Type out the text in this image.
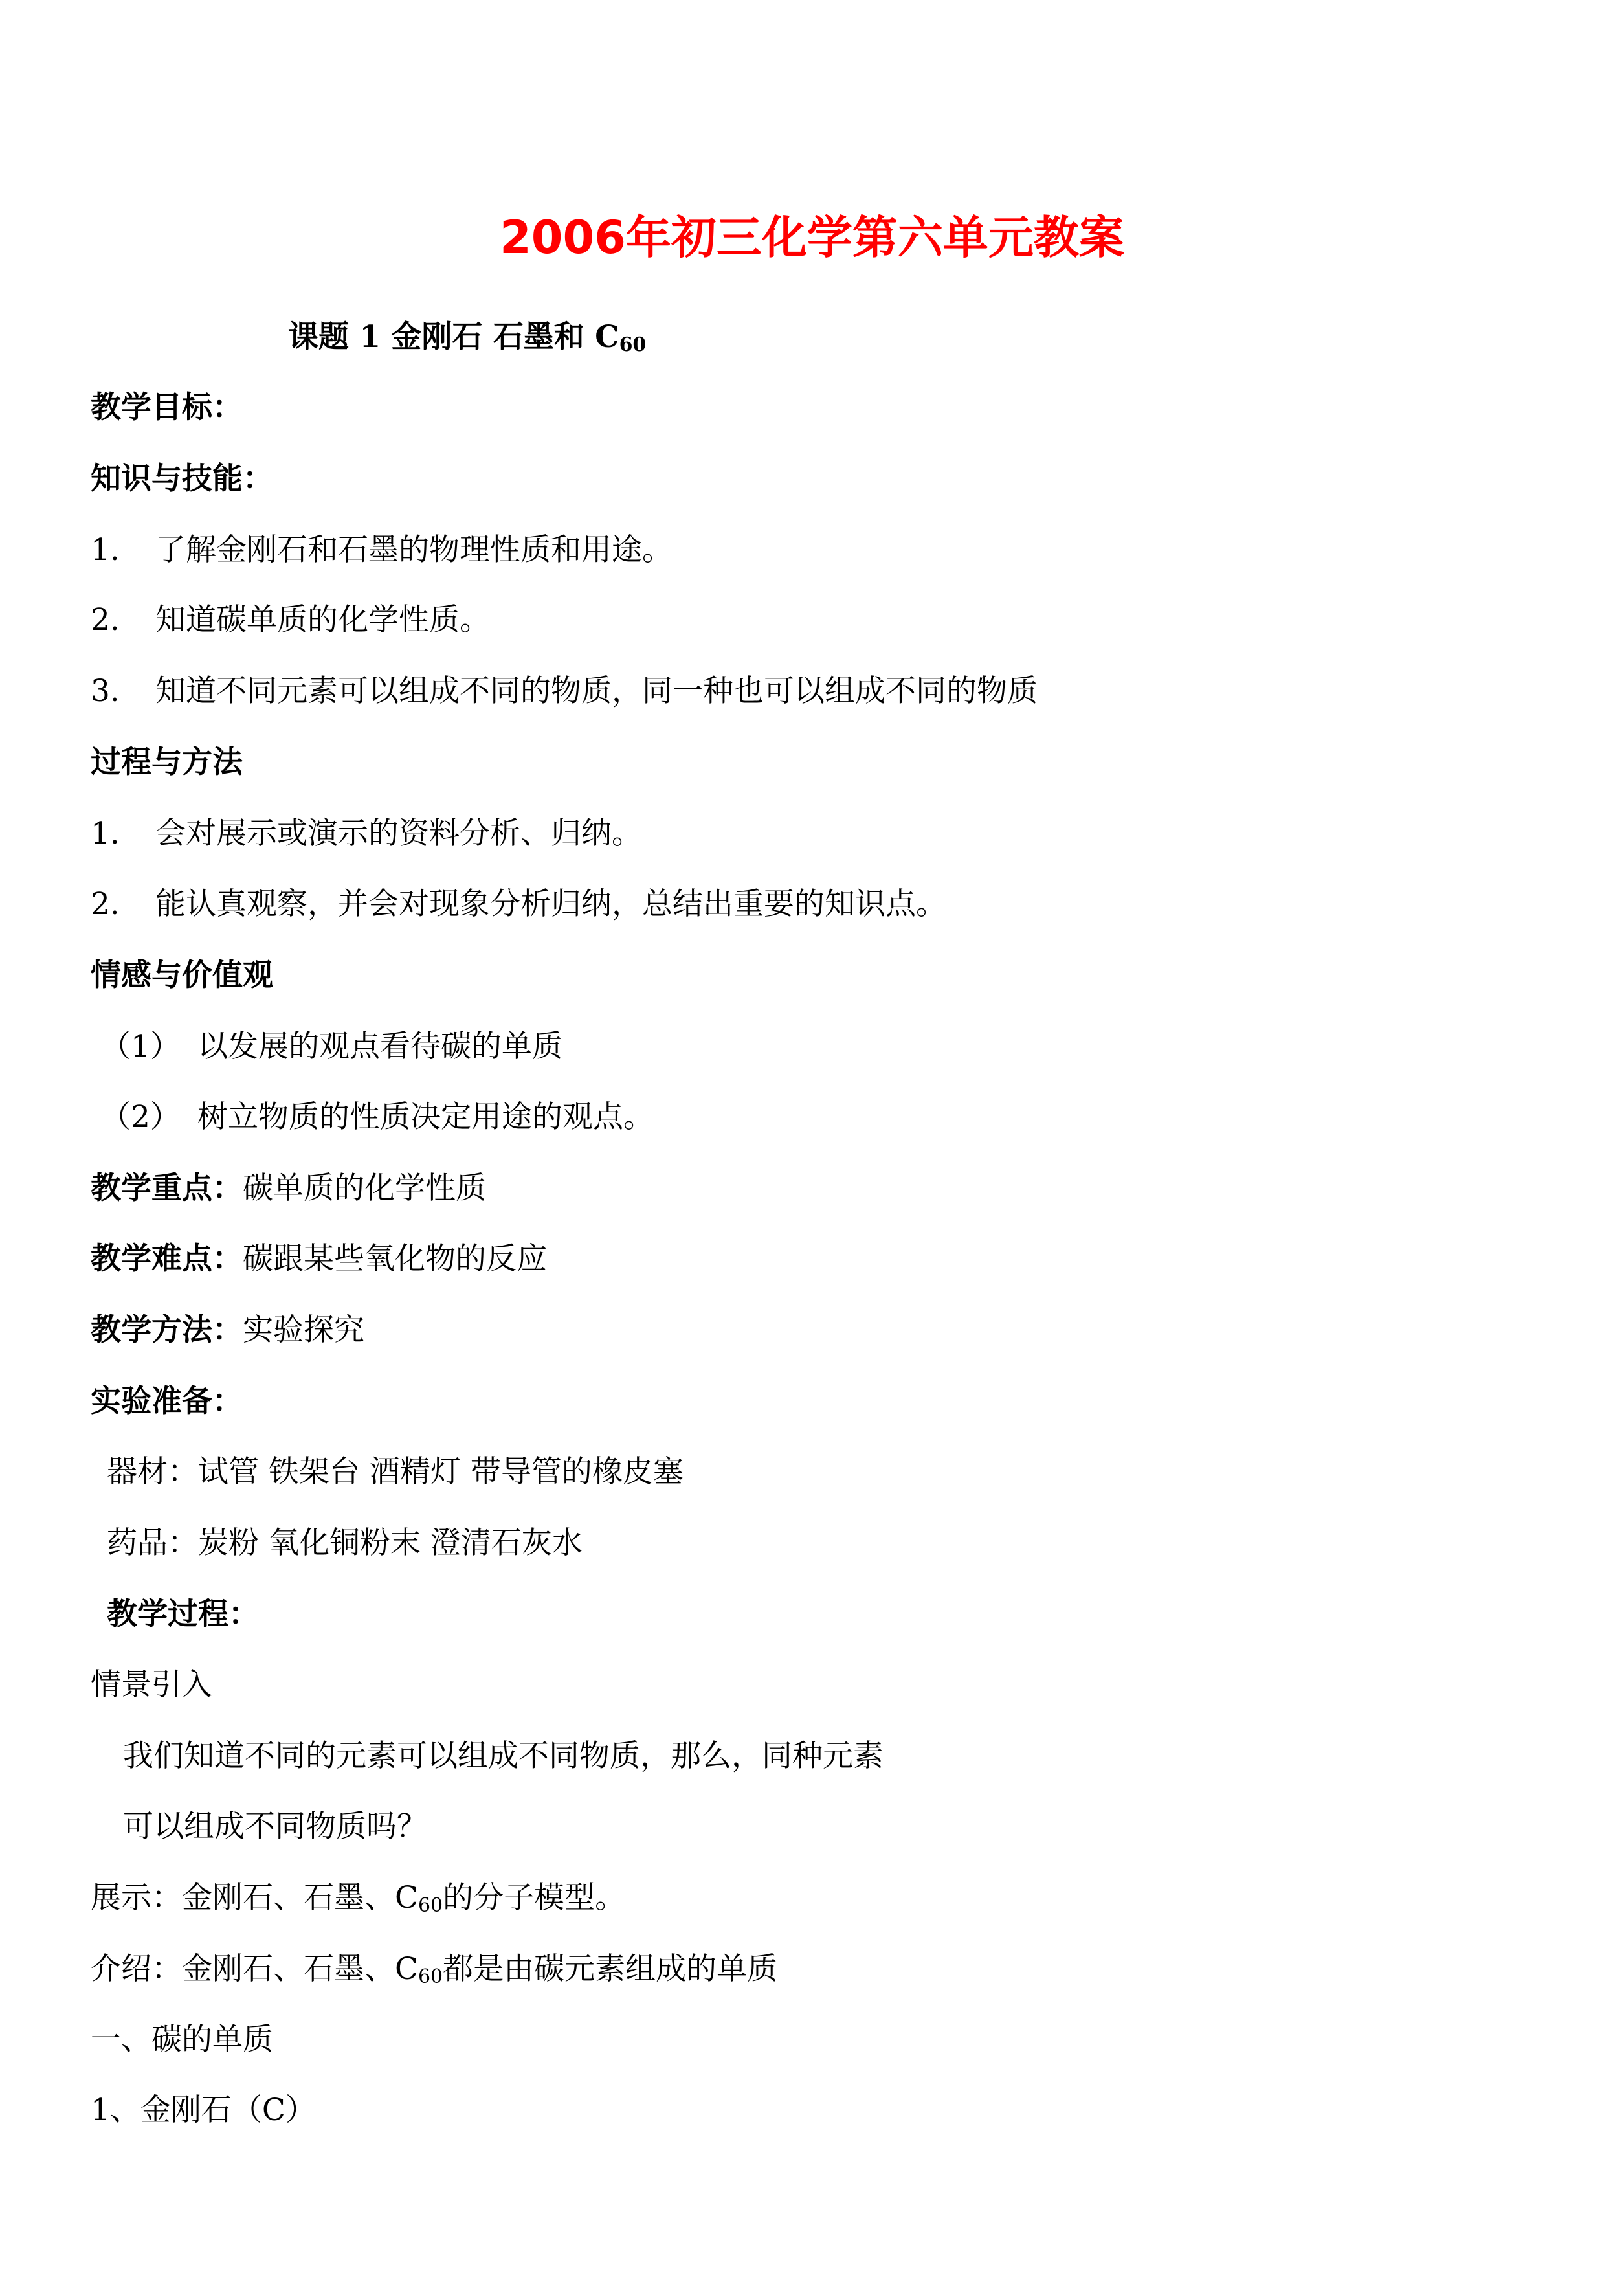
2006年初三化学第六单元教案
课题 1 金刚石 石墨和 $C_{60}$
教学目标：
知识与技能：
1. 了解金刚石和石墨的物理性质和用途。
2. 知道碳单质的化学性质。
3. 知道不同元素可以组成不同的物质，同一种也可以组成不同的物质
过程与方法
1. 会对展示或演示的资料分析、归纳。
2. 能认真观察，并会对现象分析归纳，总结出重要的知识点。
情感与价值观
（1） 以发展的观点看待碳的单质
（2） 树立物质的性质决定用途的观点。
教学重点：碳单质的化学性质
教学难点：碳跟某些氧化物的反应
教学方法：实验探究
实验准备：
器材：试管 铁架台 酒精灯 带导管的橡皮塞
药品：炭粉 氧化铜粉末 澄清石灰水
教学过程：
情景引入
我们知道不同的元素可以组成不同物质，那么，同种元素
可以组成不同物质吗？
展示：金刚石、石墨、$C_{60}$的分子模型。
介绍：金刚石、石墨、$C_{60}$都是由碳元素组成的单质
一、碳的单质
1、金刚石（C）
